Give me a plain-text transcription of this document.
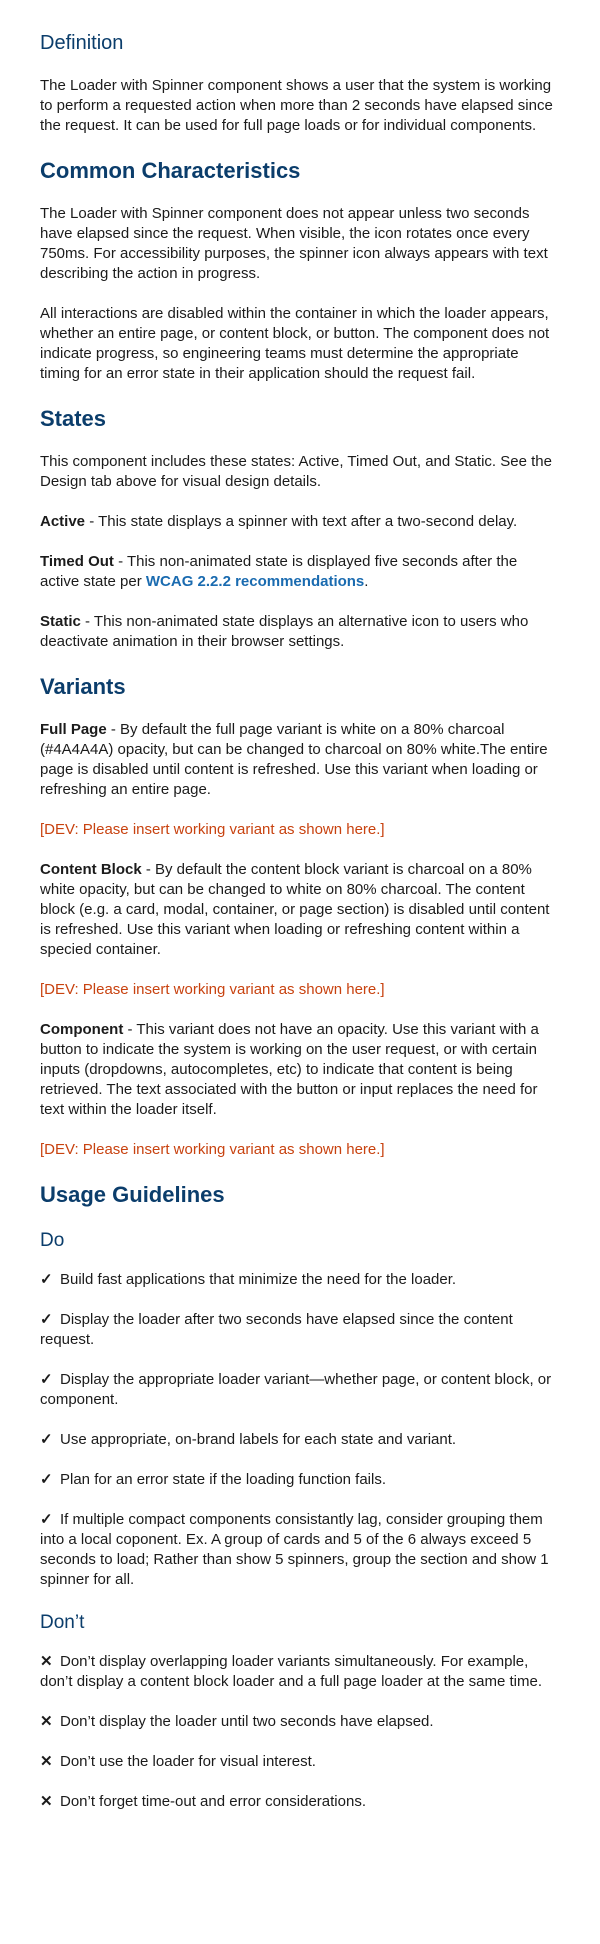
Definition

The Loader with Spinner component shows a user that the system is working to perform a requested action when more than 2 seconds have elapsed since the request. It can be used for full page loads or for individual components.

Common Characteristics

The Loader with Spinner component does not appear unless two seconds have elapsed since the request. When visible, the icon rotates once every 750ms. For accessibility purposes, the spinner icon always appears with text describing the action in progress.

All interactions are disabled within the container in which the loader appears, whether an entire page, or content block, or button. The component does not indicate progress, so engineering teams must determine the appropriate timing for an error state in their application should the request fail.

States

This component includes these states: Active, Timed Out, and Static. See the Design tab above for visual design details.

Active - This state displays a spinner with text after a two-second delay.

Timed Out - This non-animated state is displayed five seconds after the active state per WCAG 2.2.2 recommendations.

Static - This non-animated state displays an alternative icon to users who deactivate animation in their browser settings.

Variants

Full Page - By default the full page variant is white on a 80% charcoal (#4A4A4A) opacity, but can be changed to charcoal on 80% white.The entire page is disabled until content is refreshed. Use this variant when loading or refreshing an entire page.

[DEV: Please insert working variant as shown here.]

Content Block - By default the content block variant is charcoal on a 80% white opacity, but can be changed to white on 80% charcoal. The content block (e.g. a card, modal, container, or page section) is disabled until content is refreshed. Use this variant when loading or refreshing content within a specied container.

[DEV: Please insert working variant as shown here.]

Component - This variant does not have an opacity. Use this variant with a button to indicate the system is working on the user request, or with certain inputs (dropdowns, autocompletes, etc) to indicate that content is being retrieved. The text associated with the button or input replaces the need for text within the loader itself.

[DEV: Please insert working variant as shown here.]

Usage Guidelines
Do

✓ Build fast applications that minimize the need for the loader.

✓ Display the loader after two seconds have elapsed since the content request.

✓ Display the appropriate loader variant—whether page, or content block, or component.

✓ Use appropriate, on-brand labels for each state and variant.

✓ Plan for an error state if the loading function fails.

✓ If multiple compact components consistantly lag, consider grouping them into a local coponent. Ex. A group of cards and 5 of the 6 always exceed 5 seconds to load; Rather than show 5 spinners, group the section and show 1 spinner for all.

Don’t

✕ Don’t display overlapping loader variants simultaneously. For example, don’t display a content block loader and a full page loader at the same time.

✕ Don’t display the loader until two seconds have elapsed.

✕ Don’t use the loader for visual interest.

✕ Don’t forget time-out and error considerations.
